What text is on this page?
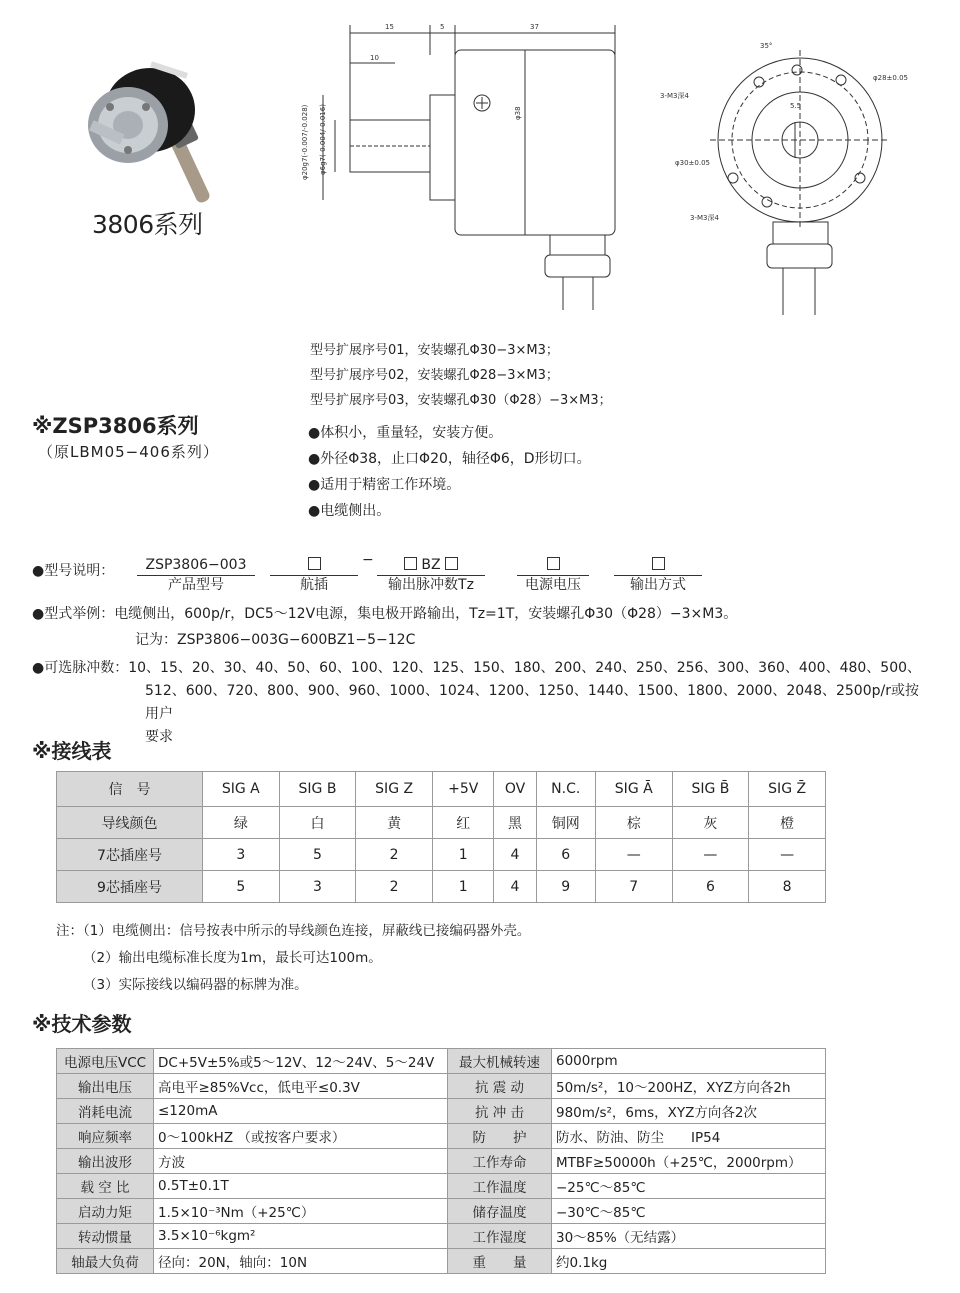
3806系列
15	5	37
10
φ38
φ20g7(-0.007/-0.028) φ6g7(-0.004/-0.016)
35°
φ28±0.05
φ30±0.05
5.5
3-M3深4
3-M3深4
型号扩展序号01，安装螺孔Φ30−3×M3；
型号扩展序号02，安装螺孔Φ28−3×M3；
型号扩展序号03，安装螺孔Φ30（Φ28）−3×M3；
※ZSP3806系列
（原LBM05−406系列）
●体积小，重量轻，安装方便。
●外径Φ38，止口Φ20，轴径Φ6，D形切口。
●适用于精密工作环境。
●电缆侧出。
●型号说明：	ZSP3806−003
产品型号	航插
−	BZ
输出脉冲数Tz	电源电压	输出方式
●型式举例：电缆侧出，600p/r，DC5～12V电源，集电极开路输出，Tz=1T，安装螺孔Φ30（Φ28）−3×M3。
记为：ZSP3806−003G−600BZ1−5−12C
●可选脉冲数：10、15、20、30、40、50、60、100、120、125、150、180、200、240、250、256、300、360、400、480、500、
512、600、720、800、900、960、1000、1024、1200、1250、1440、1500、1800、2000、2048、2500p/r或按用户
要求
※接线表
信　号	SIG A	SIG B	SIG Z	+5V	OV	N.C.	SIG Ā	SIG B̄	SIG Z̄
导线颜色	绿	白	黄	红	黑	铜网	棕	灰	橙
7芯插座号	3	5	2	1	4	6	—	—	—
9芯插座号	5	3	2	1	4	9	7	6	8
注：（1）电缆侧出：信号按表中所示的导线颜色连接，屏蔽线已接编码器外壳。
（2）输出电缆标准长度为1m，最长可达100m。
（3）实际接线以编码器的标牌为准。
※技术参数
电源电压VCC	DC+5V±5%或5～12V、12～24V、5～24V	最大机械转速	6000rpm
输出电压	高电平≥85%Vcc，低电平≤0.3V	抗 震 动	50m/s²，10～200HZ，XYZ方向各2h
消耗电流	≤120mA	抗 冲 击	980m/s²，6ms，XYZ方向各2次
响应频率	0～100kHZ （或按客户要求）	防　　护	防水、防油、防尘　　IP54
输出波形	方波	工作寿命	MTBF≥50000h（+25℃，2000rpm）
载 空 比	0.5T±0.1T	工作温度	−25℃～85℃
启动力矩	1.5×10⁻³Nm（+25℃）	储存温度	−30℃～85℃
转动惯量	3.5×10⁻⁶kgm²	工作湿度	30～85%（无结露）
轴最大负荷	径向：20N，轴向：10N	重　　量	约0.1kg
